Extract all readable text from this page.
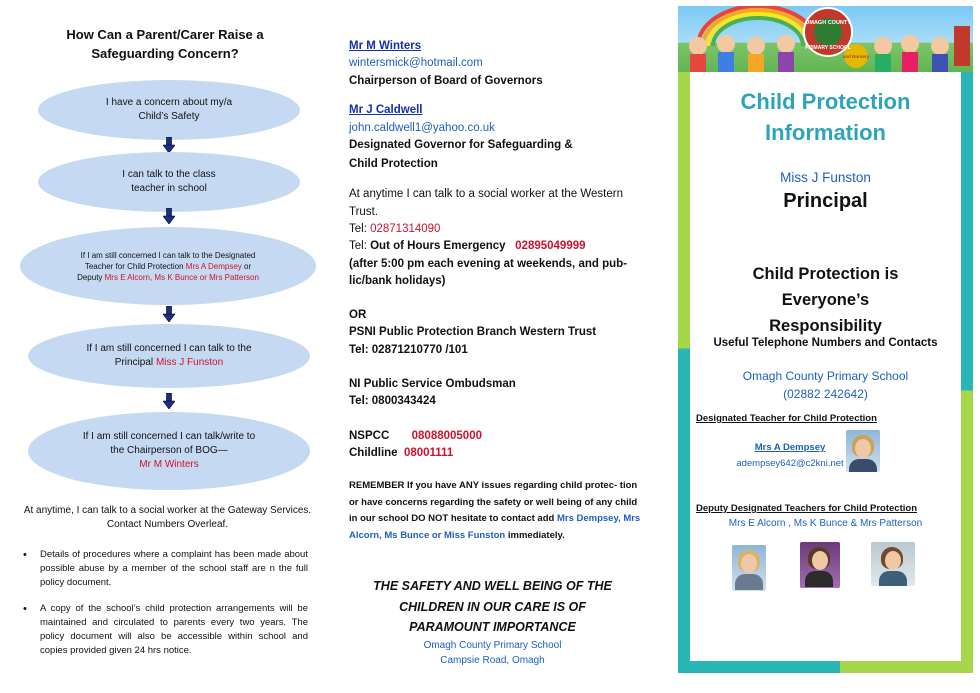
How Can a Parent/Carer Raise a Safeguarding Concern?
I have a concern about my/a
Child’s Safety
I can talk to the class
teacher in school
If I am still concerned I can talk to the Designated
Teacher for Child Protection Mrs A Dempsey or
Deputy Mrs E Alcorn, Ms K Bunce or Mrs Patterson
If I am still concerned I can talk to the
Principal Miss J Funston
If I am still concerned I can talk/write to
the Chairperson of BOG—
Mr M Winters
At anytime, I can talk to a social worker at the Gateway Services. Contact Numbers Overleaf.
• Details of procedures where a complaint has been made about possible abuse by a member of the school staff are n the full policy document.
• A copy of the school’s child protection arrangements will be maintained and circulated to parents every two years. The policy document will also be accessible within school and copies provided given 24 hrs notice.
Mr M Winters
wintersmick@hotmail.com
Chairperson of Board of Governors
Mr J Caldwell
john.caldwell1@yahoo.co.uk
Designated Governor for Safeguarding &
Child Protection
At anytime I can talk to a social worker at the Western
Trust.
Tel: 02871314090
Tel: Out of Hours Emergency 02895049999
(after 5:00 pm each evening at weekends, and pub-
lic/bank holidays)
OR
PSNI Public Protection Branch Western Trust
Tel: 02871210770 /101
NI Public Service Ombudsman
Tel: 0800343424
NSPCC 08088005000
Childline 08001111
REMEMBER If you have ANY issues regarding child protec- tion or have concerns regarding the safety or well being of any child in our school DO NOT hesitate to contact add Mrs Dempsey, Mrs Alcorn, Ms Bunce or Miss Funston immediately.
THE SAFETY AND WELL BEING OF THE
CHILDREN IN OUR CARE IS OF
PARAMOUNT IMPORTANCE
Omagh County Primary School
Campsie Road, Omagh
OMAGH COUNTY
PRIMARY SCHOOL
and Nursery
Child Protection
Information
Miss J Funston
Principal
Child Protection is
Everyone’s
Responsibility
Useful Telephone Numbers and Contacts
Omagh County Primary School
(02882 242642)
Designated Teacher for Child Protection
Mrs A Dempsey
adempsey642@c2kni.net
Deputy Designated Teachers for Child Protection
Mrs E Alcorn , Ms K Bunce & Mrs Patterson
